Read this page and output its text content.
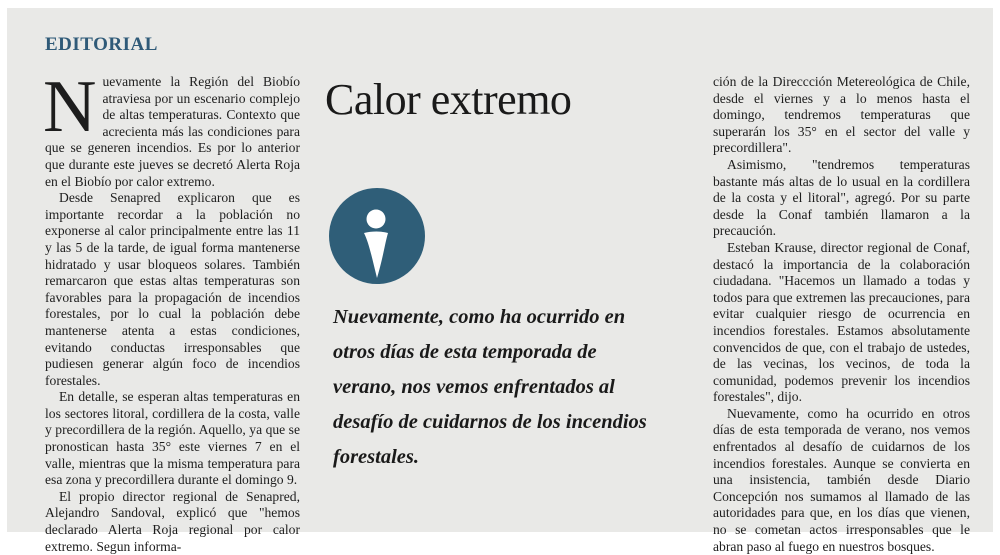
EDITORIAL

Nuevamente la Región del Biobío atraviesa por un escenario complejo de altas temperaturas. Contexto que acrecienta más las condiciones para que se generen incendios. Es por lo anterior que durante este jueves se decretó Alerta Roja en el Biobío por calor extremo.

Desde Senapred explicaron que es importante recordar a la población no exponerse al calor principalmente entre las 11 y las 5 de la tarde, de igual forma mantenerse hidratado y usar bloqueos solares. También remarcaron que estas altas temperaturas son favorables para la propagación de incendios forestales, por lo cual la población debe mantenerse atenta a estas condiciones, evitando conductas irresponsables que pudiesen generar algún foco de incendios forestales.

En detalle, se esperan altas temperaturas en los sectores litoral, cordillera de la costa, valle y precordillera de la región. Aquello, ya que se pronostican hasta 35° este viernes 7 en el valle, mientras que la misma temperatura para esa zona y precordillera durante el domingo 9.

El propio director regional de Senapred, Alejandro Sandoval, explicó que "hemos declarado Alerta Roja regional por calor extremo. Segun informa-

Calor extremo

Nuevamente, como ha ocurrido en otros días de esta temporada de verano, nos vemos enfrentados al desafío de cuidarnos de los incendios forestales.

ción de la Direccción Metereológica de Chile, desde el viernes y a lo menos hasta el domingo, tendremos temperaturas que superarán los 35° en el sector del valle y precordillera".

Asimismo, "tendremos temperaturas bastante más altas de lo usual en la cordillera de la costa y el litoral", agregó. Por su parte desde la Conaf también llamaron a la precaución.

Esteban Krause, director regional de Conaf, destacó la importancia de la colaboración ciudadana. "Hacemos un llamado a todas y todos para que extremen las precauciones, para evitar cualquier riesgo de ocurrencia en incendios forestales. Estamos absolutamente convencidos de que, con el trabajo de ustedes, de las vecinas, los vecinos, de toda la comunidad, podemos prevenir los incendios forestales", dijo.

Nuevamente, como ha ocurrido en otros días de esta temporada de verano, nos vemos enfrentados al desafío de cuidarnos de los incendios forestales. Aunque se convierta en una insistencia, también desde Diario Concepción nos sumamos al llamado de las autoridades para que, en los días que vienen, no se cometan actos irresponsables que le abran paso al fuego en nuestros bosques.
